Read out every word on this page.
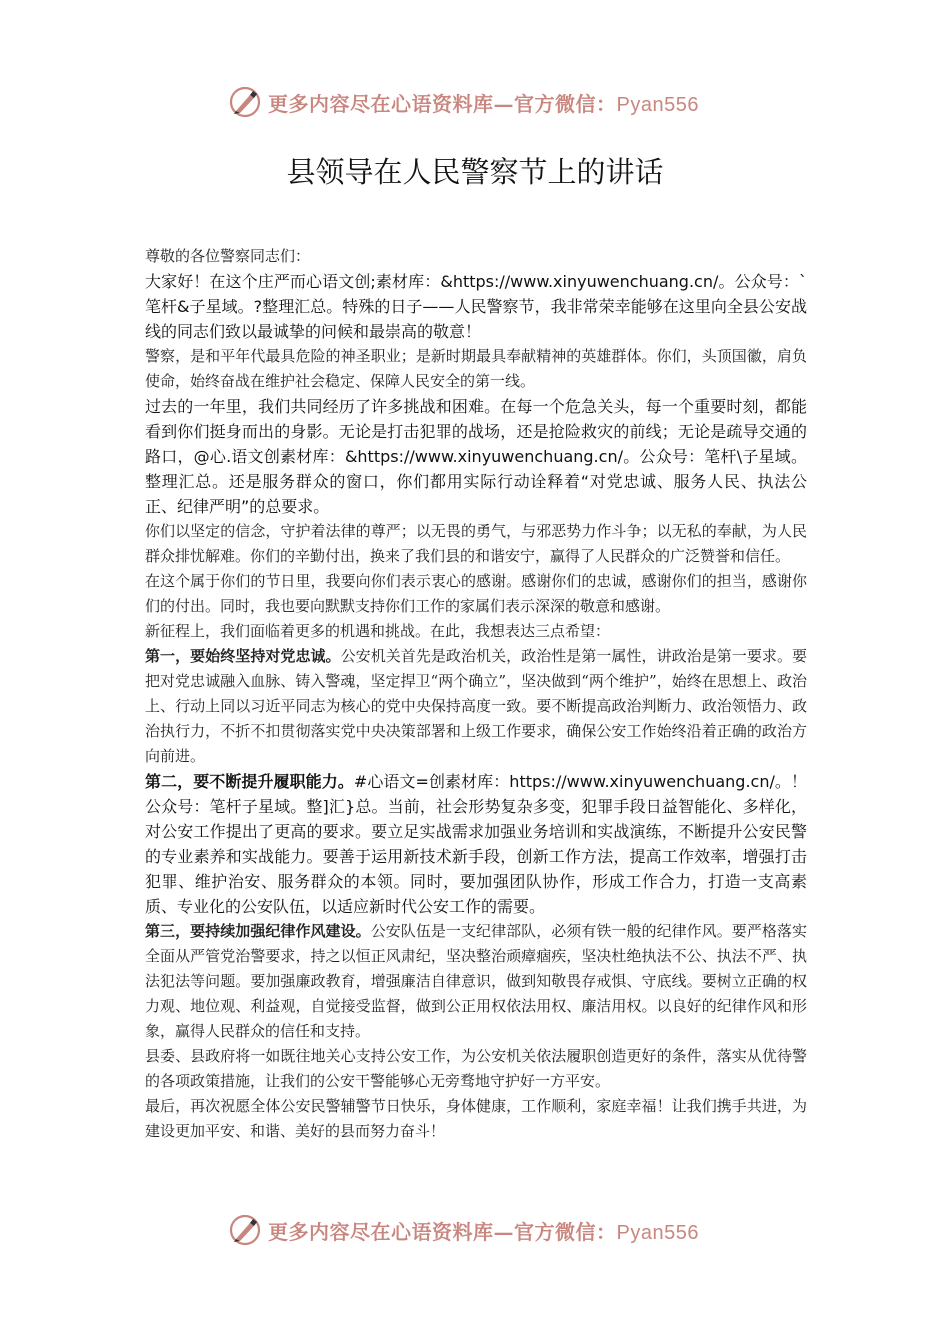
更多内容尽在心语资料库—官方微信：Pyan556
县领导在人民警察节上的讲话

尊敬的各位警察同志们：

大家好！在这个庄严而心语文创;素材库：&https://www.xinyuwenchuang.cn/。公众号：`笔杆&子星域。?整理汇总。特殊的日子——人民警察节，我非常荣幸能够在这里向全县公安战线的同志们致以最诚挚的问候和最崇高的敬意！

警察，是和平年代最具危险的神圣职业；是新时期最具奉献精神的英雄群体。你们，头顶国徽，肩负使命，始终奋战在维护社会稳定、保障人民安全的第一线。

过去的一年里，我们共同经历了许多挑战和困难。在每一个危急关头，每一个重要时刻，都能看到你们挺身而出的身影。无论是打击犯罪的战场，还是抢险救灾的前线；无论是疏导交通的路口，@心.语文创素材库：&https://www.xinyuwenchuang.cn/。公众号：笔杆\子星域。整理汇总。还是服务群众的窗口，你们都用实际行动诠释着“对党忠诚、服务人民、执法公正、纪律严明”的总要求。

你们以坚定的信念，守护着法律的尊严；以无畏的勇气，与邪恶势力作斗争；以无私的奉献，为人民群众排忧解难。你们的辛勤付出，换来了我们县的和谐安宁，赢得了人民群众的广泛赞誉和信任。

在这个属于你们的节日里，我要向你们表示衷心的感谢。感谢你们的忠诚，感谢你们的担当，感谢你们的付出。同时，我也要向默默支持你们工作的家属们表示深深的敬意和感谢。

新征程上，我们面临着更多的机遇和挑战。在此，我想表达三点希望：

第一，要始终坚持对党忠诚。公安机关首先是政治机关，政治性是第一属性，讲政治是第一要求。要把对党忠诚融入血脉、铸入警魂，坚定捍卫“两个确立”，坚决做到“两个维护”，始终在思想上、政治上、行动上同以习近平同志为核心的党中央保持高度一致。要不断提高政治判断力、政治领悟力、政治执行力，不折不扣贯彻落实党中央决策部署和上级工作要求，确保公安工作始终沿着正确的政治方向前进。

第二，要不断提升履职能力。#心语文=创素材库：https://www.xinyuwenchuang.cn/。！公众号：笔杆子星域。整]汇}总。当前，社会形势复杂多变，犯罪手段日益智能化、多样化，对公安工作提出了更高的要求。要立足实战需求加强业务培训和实战演练，不断提升公安民警的专业素养和实战能力。要善于运用新技术新手段，创新工作方法，提高工作效率，增强打击犯罪、维护治安、服务群众的本领。同时，要加强团队协作，形成工作合力，打造一支高素质、专业化的公安队伍，以适应新时代公安工作的需要。

第三，要持续加强纪律作风建设。公安队伍是一支纪律部队，必须有铁一般的纪律作风。要严格落实全面从严管党治警要求，持之以恒正风肃纪，坚决整治顽瘴痼疾，坚决杜绝执法不公、执法不严、执法犯法等问题。要加强廉政教育，增强廉洁自律意识，做到知敬畏存戒惧、守底线。要树立正确的权力观、地位观、利益观，自觉接受监督，做到公正用权依法用权、廉洁用权。以良好的纪律作风和形象，赢得人民群众的信任和支持。

县委、县政府将一如既往地关心支持公安工作，为公安机关依法履职创造更好的条件，落实从优待警的各项政策措施，让我们的公安干警能够心无旁骛地守护好一方平安。

最后，再次祝愿全体公安民警辅警节日快乐，身体健康，工作顺利，家庭幸福！让我们携手共进，为建设更加平安、和谐、美好的县而努力奋斗！

更多内容尽在心语资料库—官方微信：Pyan556
